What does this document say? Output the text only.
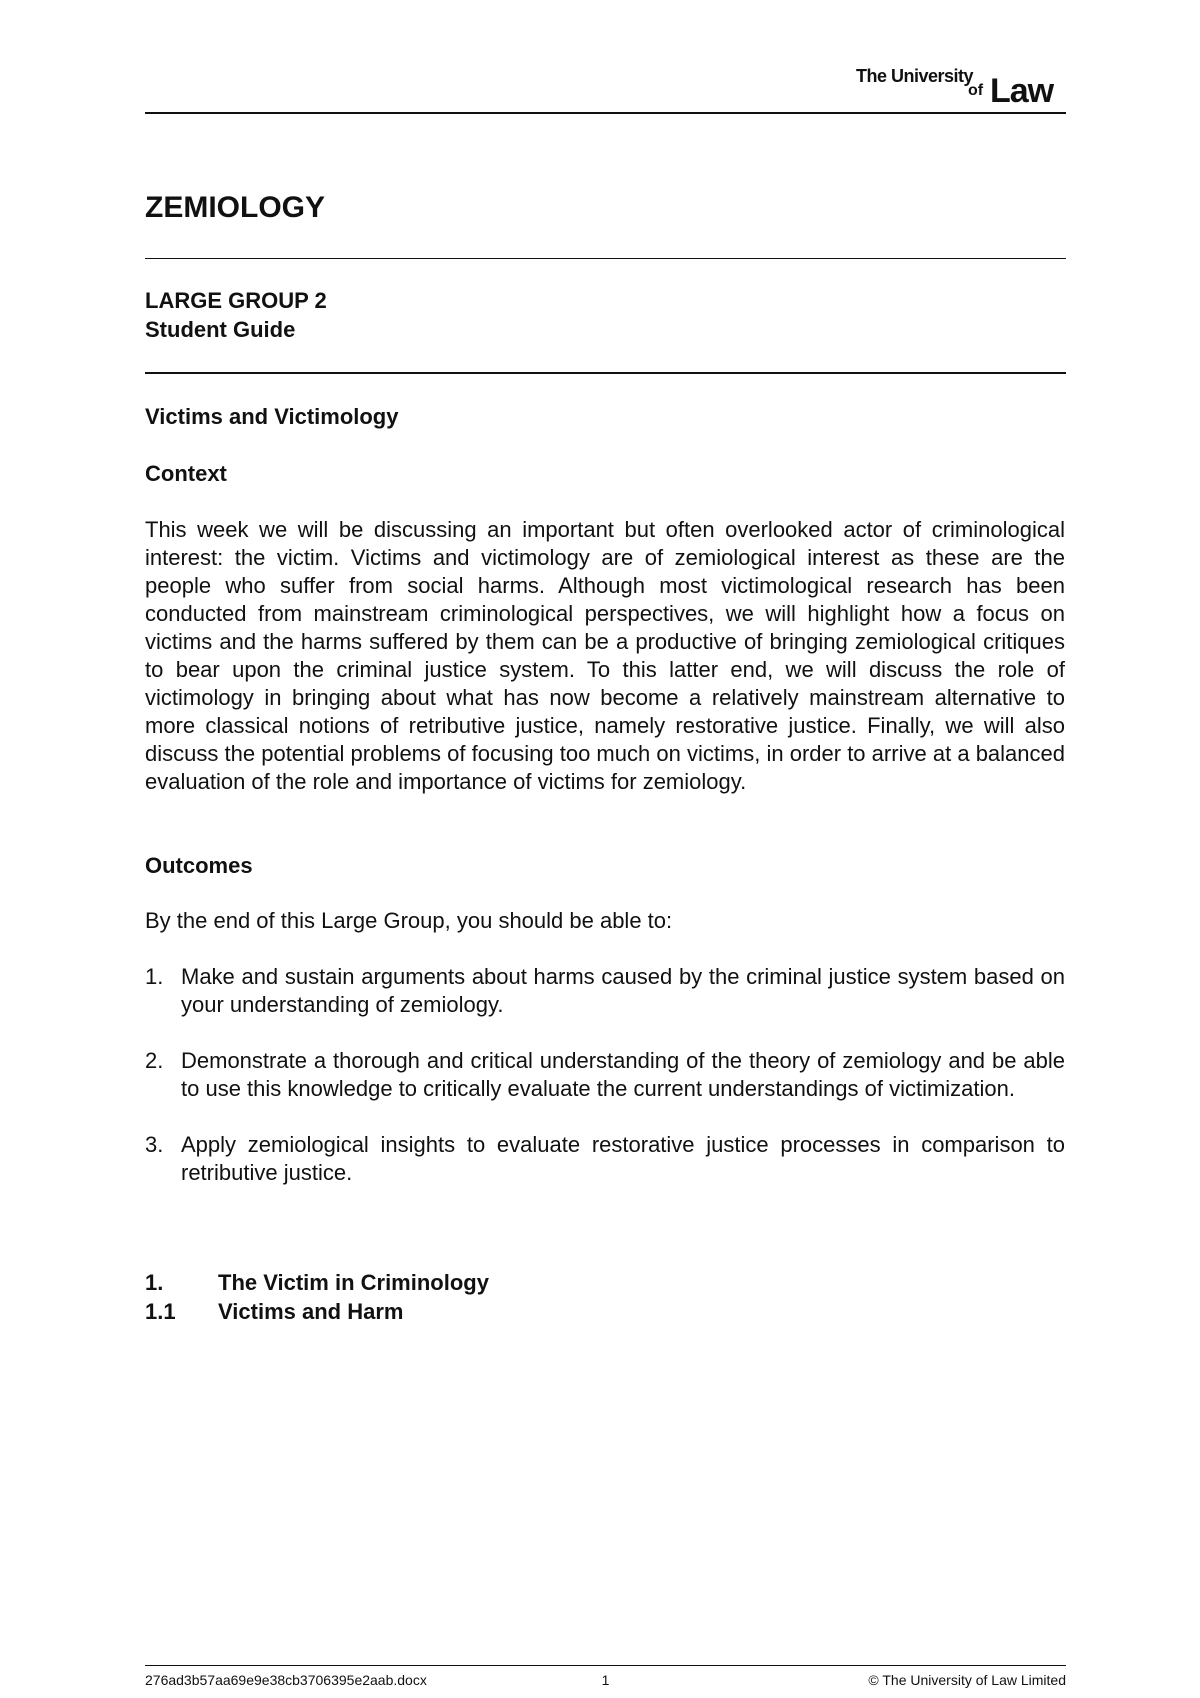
The University
of Law
ZEMIOLOGY

LARGE GROUP 2

Student Guide

Victims and Victimology

Context

This week we will be discussing an important but often overlooked actor of criminological interest: the victim. Victims and victimology are of zemiological interest as these are the people who suffer from social harms. Although most victimological research has been conducted from mainstream criminological perspectives, we will highlight how a focus on victims and the harms suffered by them can be a productive of bringing zemiological critiques to bear upon the criminal justice system. To this latter end, we will discuss the role of victimology in bringing about what has now become a relatively mainstream alternative to more classical notions of retributive justice, namely restorative justice. Finally, we will also discuss the potential problems of focusing too much on victims, in order to arrive at a balanced evaluation of the role and importance of victims for zemiology.

Outcomes

By the end of this Large Group, you should be able to:

1. Make and sustain arguments about harms caused by the criminal justice system based on your understanding of zemiology.
2. Demonstrate a thorough and critical understanding of the theory of zemiology and be able to use this knowledge to critically evaluate the current understandings of victimization.
3. Apply zemiological insights to evaluate restorative justice processes in comparison to retributive justice.
1. The Victim in Criminology
1.1 Victims and Harm
276ad3b57aa69e9e38cb3706395e2aab.docx	1	© The University of Law Limited
